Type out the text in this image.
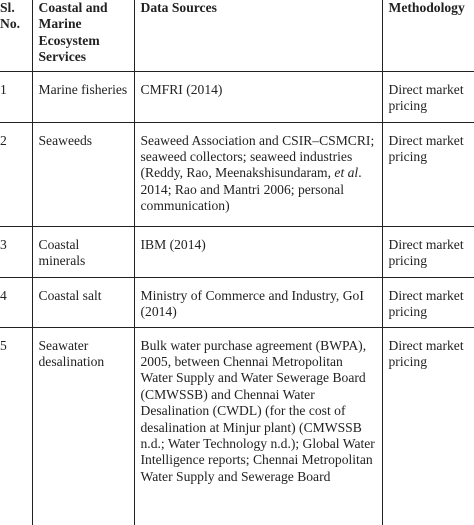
Sl. No.	Coastal and Marine Ecosystem Services	Data Sources	Methodology
1	Marine fisheries	CMFRI (2014)	Direct market pricing
2	Seaweeds	Seaweed Association and CSIR–CSMCRI; seaweed collectors; seaweed industries (Reddy, Rao, Meenakshisundaram, et al. 2014; Rao and Mantri 2006; personal communication)	Direct market pricing
3	Coastal minerals	IBM (2014)	Direct market pricing
4	Coastal salt	Ministry of Commerce and Industry, GoI (2014)	Direct market pricing
5	Seawater desalination	Bulk water purchase agreement (BWPA), 2005, between Chennai Metropolitan Water Supply and Water Sewerage Board (CMWSSB) and Chennai Water Desalination (CWDL) (for the cost of desalination at Minjur plant) (CMWSSB n.d.; Water Technology n.d.); Global Water Intelligence reports; Chennai Metropolitan Water Supply and Sewerage Board	Direct market pricing
